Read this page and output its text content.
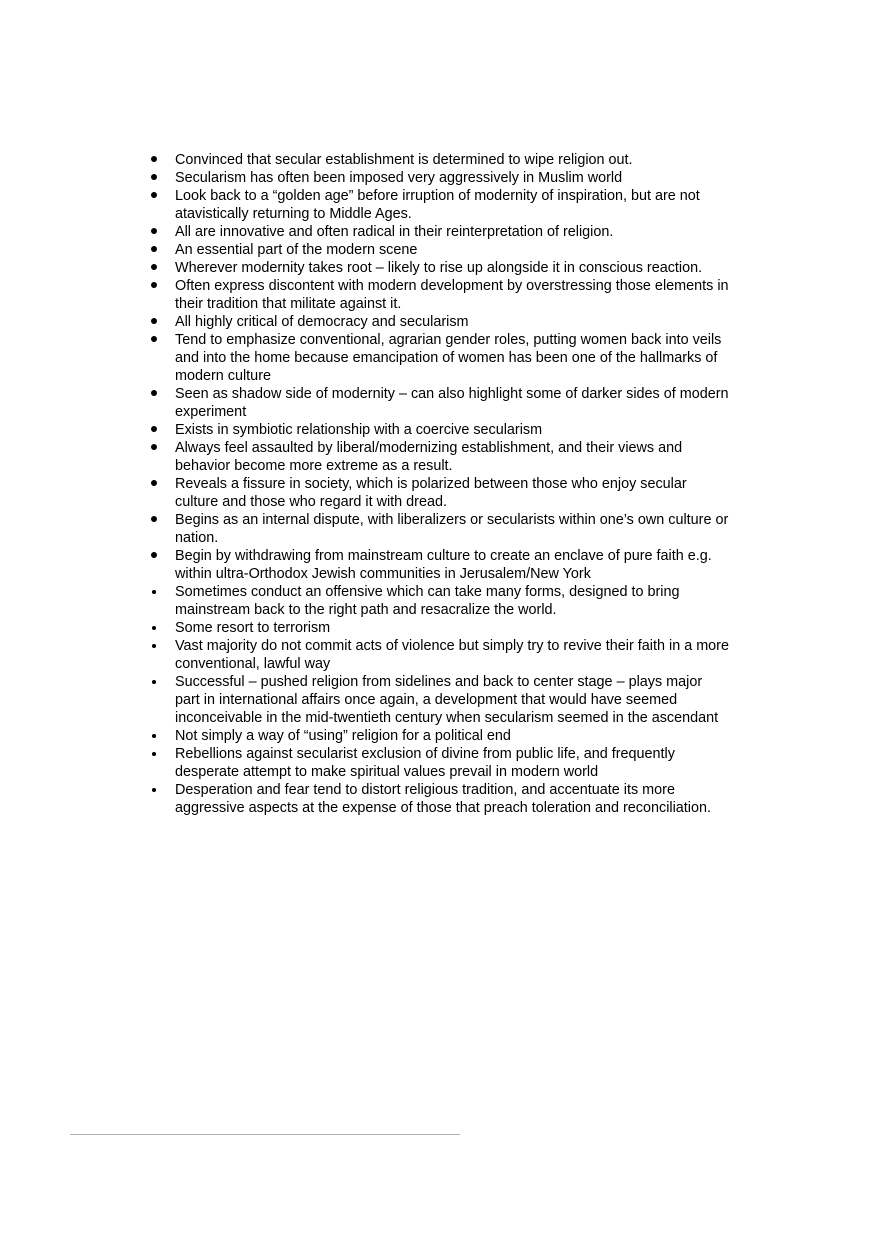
Convinced that secular establishment is determined to wipe religion out.
Secularism has often been imposed very aggressively in Muslim world
Look back to a “golden age” before irruption of modernity of inspiration, but are not atavistically returning to Middle Ages.
All are innovative and often radical in their reinterpretation of religion.
An essential part of the modern scene
Wherever modernity takes root – likely to rise up alongside it in conscious reaction.
Often express discontent with modern development by overstressing those elements in their tradition that militate against it.
All highly critical of democracy and secularism
Tend to emphasize conventional, agrarian gender roles, putting women back into veils and into the home because emancipation of women has been one of the hallmarks of modern culture
Seen as shadow side of modernity – can also highlight some of darker sides of modern experiment
Exists in symbiotic relationship with a coercive secularism
Always feel assaulted by liberal/modernizing establishment, and their views and behavior become more extreme as a result.
Reveals a fissure in society, which is polarized between those who enjoy secular culture and those who regard it with dread.
Begins as an internal dispute, with liberalizers or secularists within one’s own culture or nation.
Begin by withdrawing from mainstream culture to create an enclave of pure faith e.g. within ultra-Orthodox Jewish communities in Jerusalem/New York
Sometimes conduct an offensive which can take many forms, designed to bring mainstream back to the right path and resacralize the world.
Some resort to terrorism
Vast majority do not commit acts of violence but simply try to revive their faith in a more conventional, lawful way
Successful – pushed religion from sidelines and back to center stage – plays major part in international affairs once again, a development that would have seemed inconceivable in the mid-twentieth century when secularism seemed in the ascendant
Not simply a way of “using” religion for a political end
Rebellions against secularist exclusion of divine from public life, and frequently desperate attempt to make spiritual values prevail in modern world
Desperation and fear tend to distort religious tradition, and accentuate its more aggressive aspects at the expense of those that preach toleration and reconciliation.
